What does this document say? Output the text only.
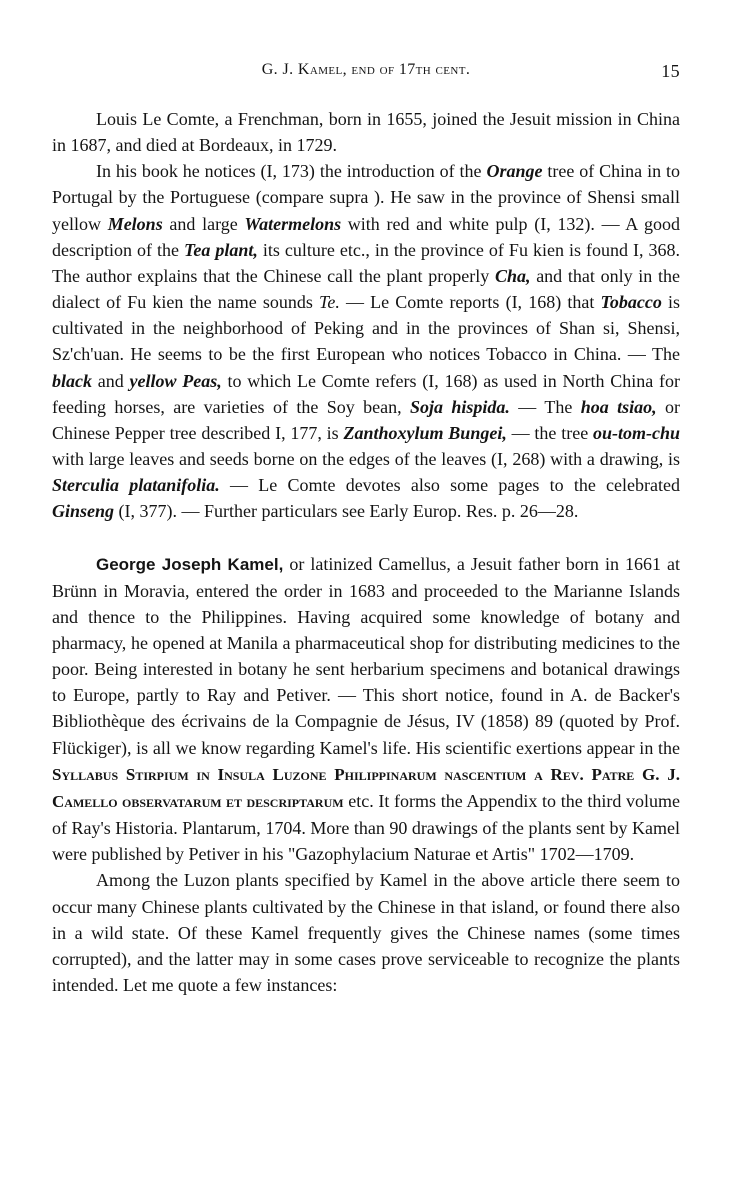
G. J. Kamel, end of 17th cent.	15

Louis Le Comte, a Frenchman, born in 1655, joined the Jesuit mission in China in 1687, and died at Bordeaux, in 1729.

In his book he notices (I, 173) the introduction of the Orange tree of China in to Portugal by the Portuguese (compare supra ). He saw in the province of Shensi small yellow Melons and large Watermelons with red and white pulp (I, 132). — A good description of the Tea plant, its culture etc., in the province of Fu kien is found I, 368. The author explains that the Chinese call the plant properly Cha, and that only in the dialect of Fu kien the name sounds Te. — Le Comte reports (I, 168) that Tobacco is cultivated in the neighborhood of Peking and in the provinces of Shan si, Shensi, Sz'ch'uan. He seems to be the first European who notices Tobacco in China. — The black and yellow Peas, to which Le Comte refers (I, 168) as used in North China for feeding horses, are varieties of the Soy bean, Soja hispida. — The hoa tsiao, or Chinese Pepper tree described I, 177, is Zanthoxylum Bungei, — the tree ou-tom-chu with large leaves and seeds borne on the edges of the leaves (I, 268) with a drawing, is Sterculia platanifolia. — Le Comte devotes also some pages to the celebrated Ginseng (I, 377). — Further particulars see Early Europ. Res. p. 26—28.

George Joseph Kamel, or latinized Camellus, a Jesuit father born in 1661 at Brünn in Moravia, entered the order in 1683 and proceeded to the Marianne Islands and thence to the Philippines. Having acquired some knowledge of botany and pharmacy, he opened at Manila a pharmaceutical shop for distributing medicines to the poor. Being interested in botany he sent herbarium specimens and botanical drawings to Europe, partly to Ray and Petiver. — This short notice, found in A. de Backer's Bibliothèque des écrivains de la Compagnie de Jésus, IV (1858) 89 (quoted by Prof. Flückiger), is all we know regarding Kamel's life. His scientific exertions appear in the Syllabus Stirpium in Insula Luzone Philippinarum nascentium a Rev. Patre G. J. Camello observatarum et descriptarum etc. It forms the Appendix to the third volume of Ray's Historia. Plantarum, 1704. More than 90 drawings of the plants sent by Kamel were published by Petiver in his "Gazophylacium Naturae et Artis" 1702—1709.

Among the Luzon plants specified by Kamel in the above article there seem to occur many Chinese plants cultivated by the Chinese in that island, or found there also in a wild state. Of these Kamel frequently gives the Chinese names (some times corrupted), and the latter may in some cases prove serviceable to recognize the plants intended. Let me quote a few instances:
